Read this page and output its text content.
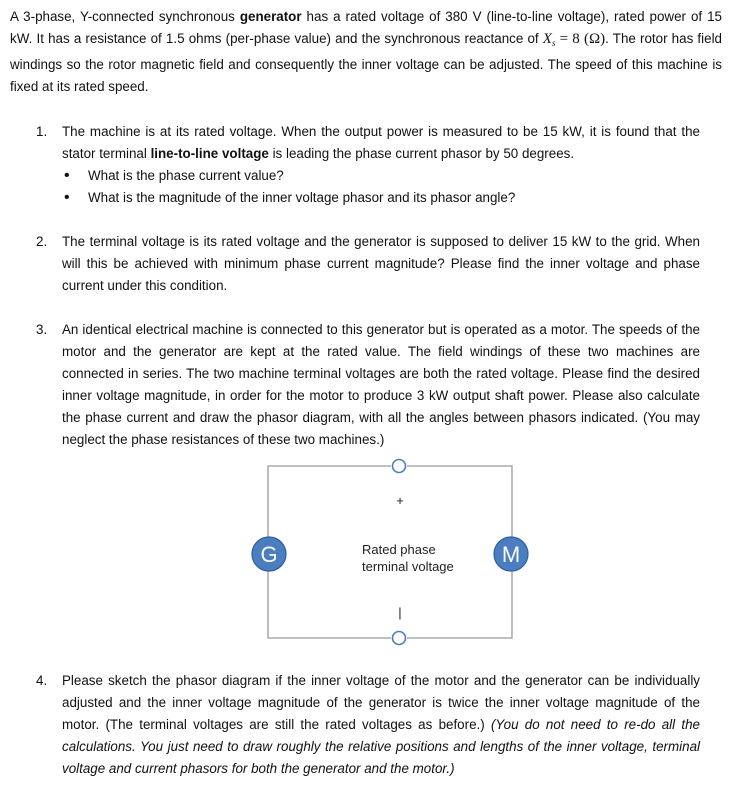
A 3-phase, Y-connected synchronous generator has a rated voltage of 380 V (line-to-line voltage), rated power of 15 kW. It has a resistance of 1.5 ohms (per-phase value) and the synchronous reactance of $X_s = 8$ (Ω). The rotor has field windings so the rotor magnetic field and consequently the inner voltage can be adjusted. The speed of this machine is fixed at its rated speed.

1. The machine is at its rated voltage. When the output power is measured to be 15 kW, it is found that the stator terminal line-to-line voltage is leading the phase current phasor by 50 degrees.
• What is the phase current value?
• What is the magnitude of the inner voltage phasor and its phasor angle?
2. The terminal voltage is its rated voltage and the generator is supposed to deliver 15 kW to the grid. When will this be achieved with minimum phase current magnitude? Please find the inner voltage and phase current under this condition.
3. An identical electrical machine is connected to this generator but is operated as a motor. The speeds of the motor and the generator are kept at the rated value. The field windings of these two machines are connected in series. The two machine terminal voltages are both the rated voltage. Please find the desired inner voltage magnitude, in order for the motor to produce 3 kW output shaft power. Please also calculate the phase current and draw the phasor diagram, with all the angles between phasors indicated. (You may neglect the phase resistances of these two machines.)
G	M
+
|
Rated phase
terminal voltage
4. Please sketch the phasor diagram if the inner voltage of the motor and the generator can be individually adjusted and the inner voltage magnitude of the generator is twice the inner voltage magnitude of the motor. (The terminal voltages are still the rated voltages as before.) (You do not need to re-do all the calculations. You just need to draw roughly the relative positions and lengths of the inner voltage, terminal voltage and current phasors for both the generator and the motor.)
